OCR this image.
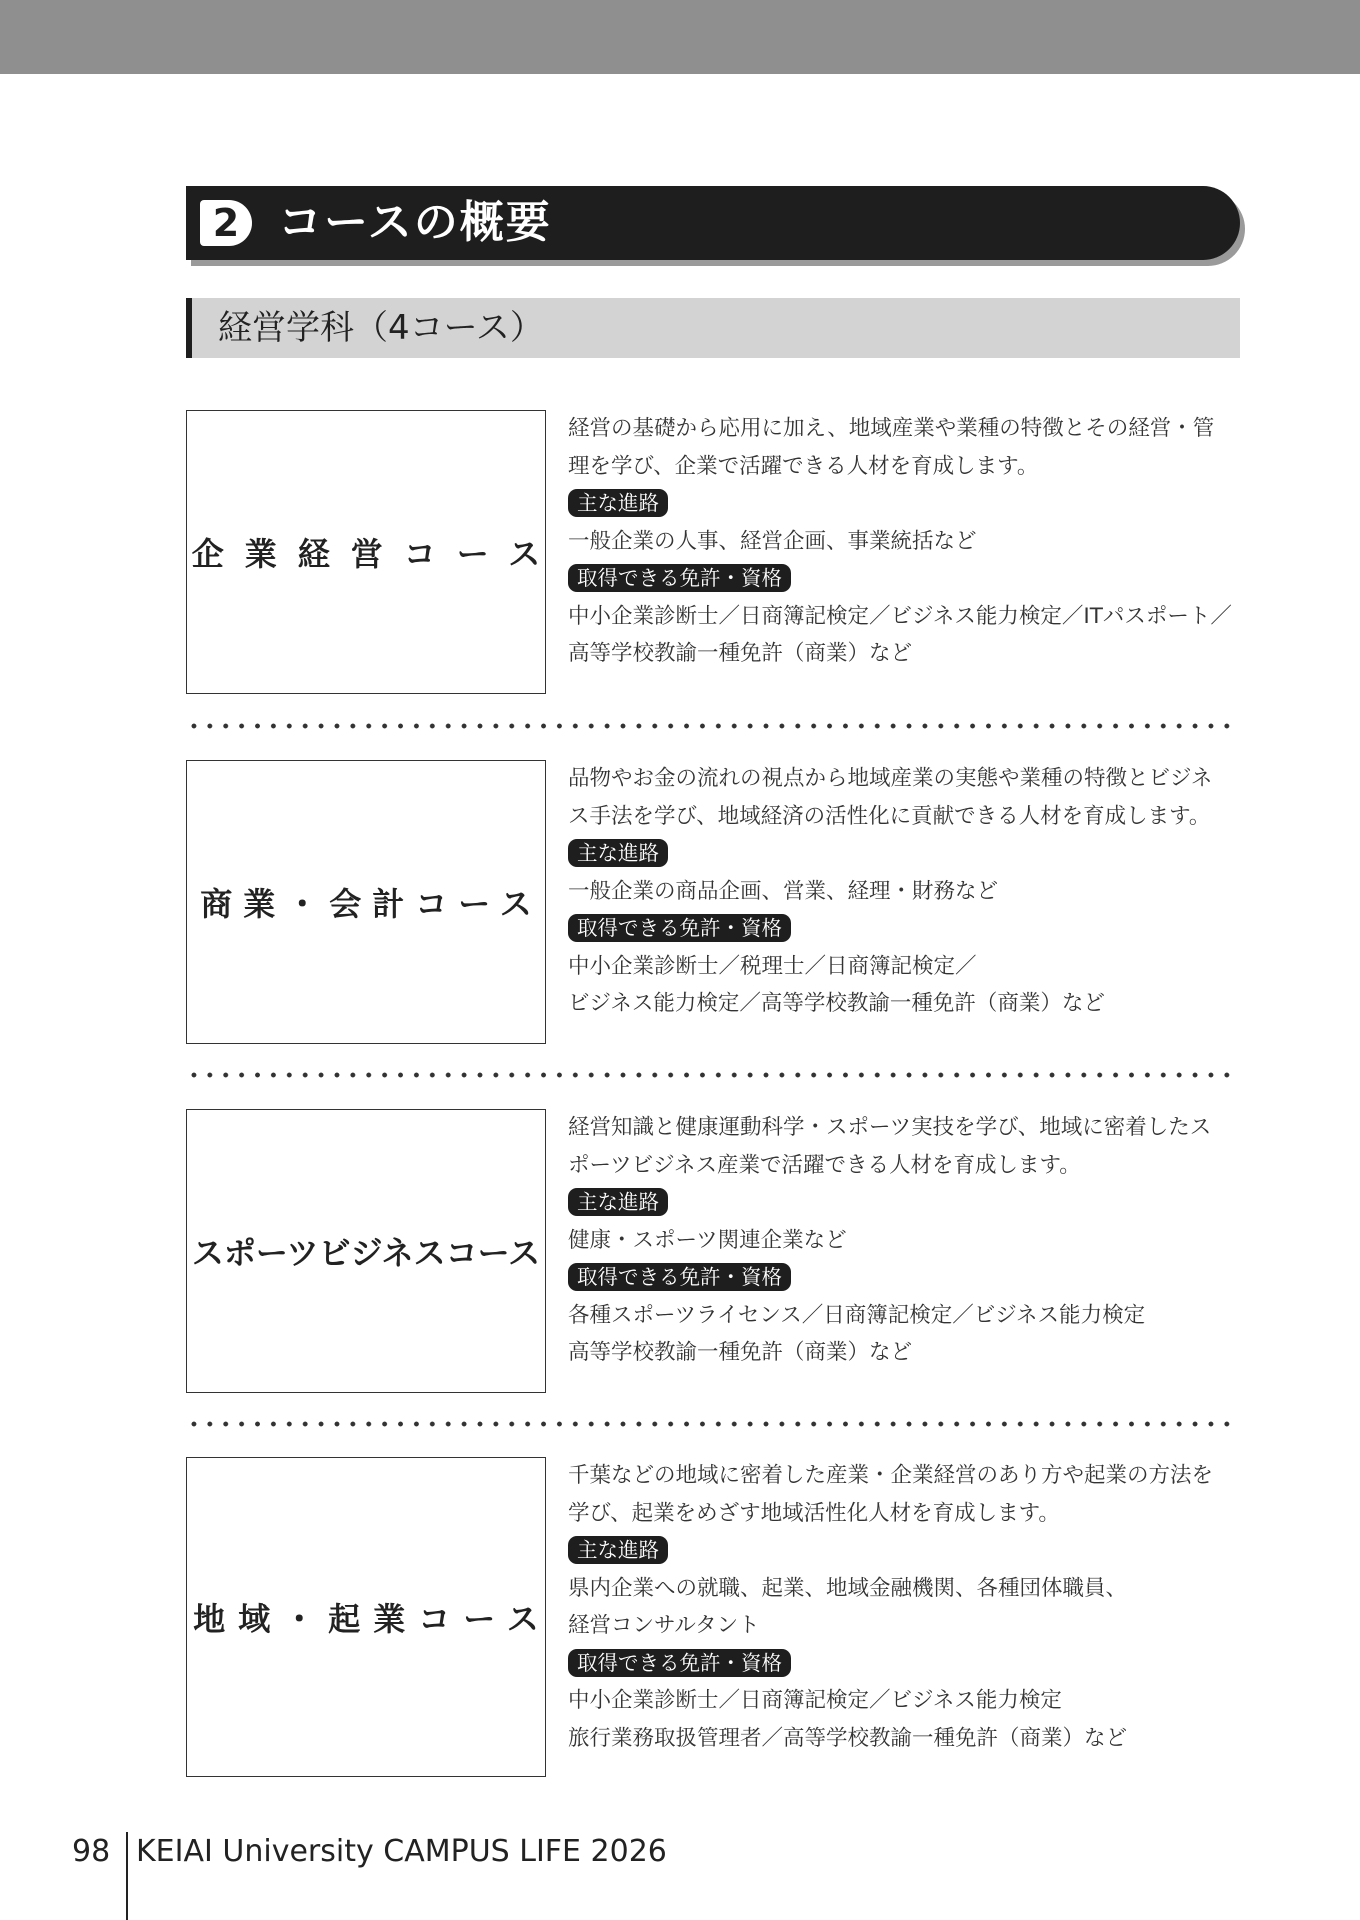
2 コースの概要
経営学科（4コース）
企業経営コース
経営の基礎から応用に加え、地域産業や業種の特徴とその経営・管
理を学び、企業で活躍できる人材を育成します。
主な進路
一般企業の人事、経営企画、事業統括など
取得できる免許・資格
中小企業診断士／日商簿記検定／ビジネス能力検定／ITパスポート／
高等学校教諭一種免許（商業）など
商業・会計コース
品物やお金の流れの視点から地域産業の実態や業種の特徴とビジネ
ス手法を学び、地域経済の活性化に貢献できる人材を育成します。
主な進路
一般企業の商品企画、営業、経理・財務など
取得できる免許・資格
中小企業診断士／税理士／日商簿記検定／
ビジネス能力検定／高等学校教諭一種免許（商業）など
スポーツビジネスコース
経営知識と健康運動科学・スポーツ実技を学び、地域に密着したス
ポーツビジネス産業で活躍できる人材を育成します。
主な進路
健康・スポーツ関連企業など
取得できる免許・資格
各種スポーツライセンス／日商簿記検定／ビジネス能力検定
高等学校教諭一種免許（商業）など
地域・起業コース
千葉などの地域に密着した産業・企業経営のあり方や起業の方法を
学び、起業をめざす地域活性化人材を育成します。
主な進路
県内企業への就職、起業、地域金融機関、各種団体職員、
経営コンサルタント
取得できる免許・資格
中小企業診断士／日商簿記検定／ビジネス能力検定
旅行業務取扱管理者／高等学校教諭一種免許（商業）など
98 KEIAI University CAMPUS LIFE 2026
